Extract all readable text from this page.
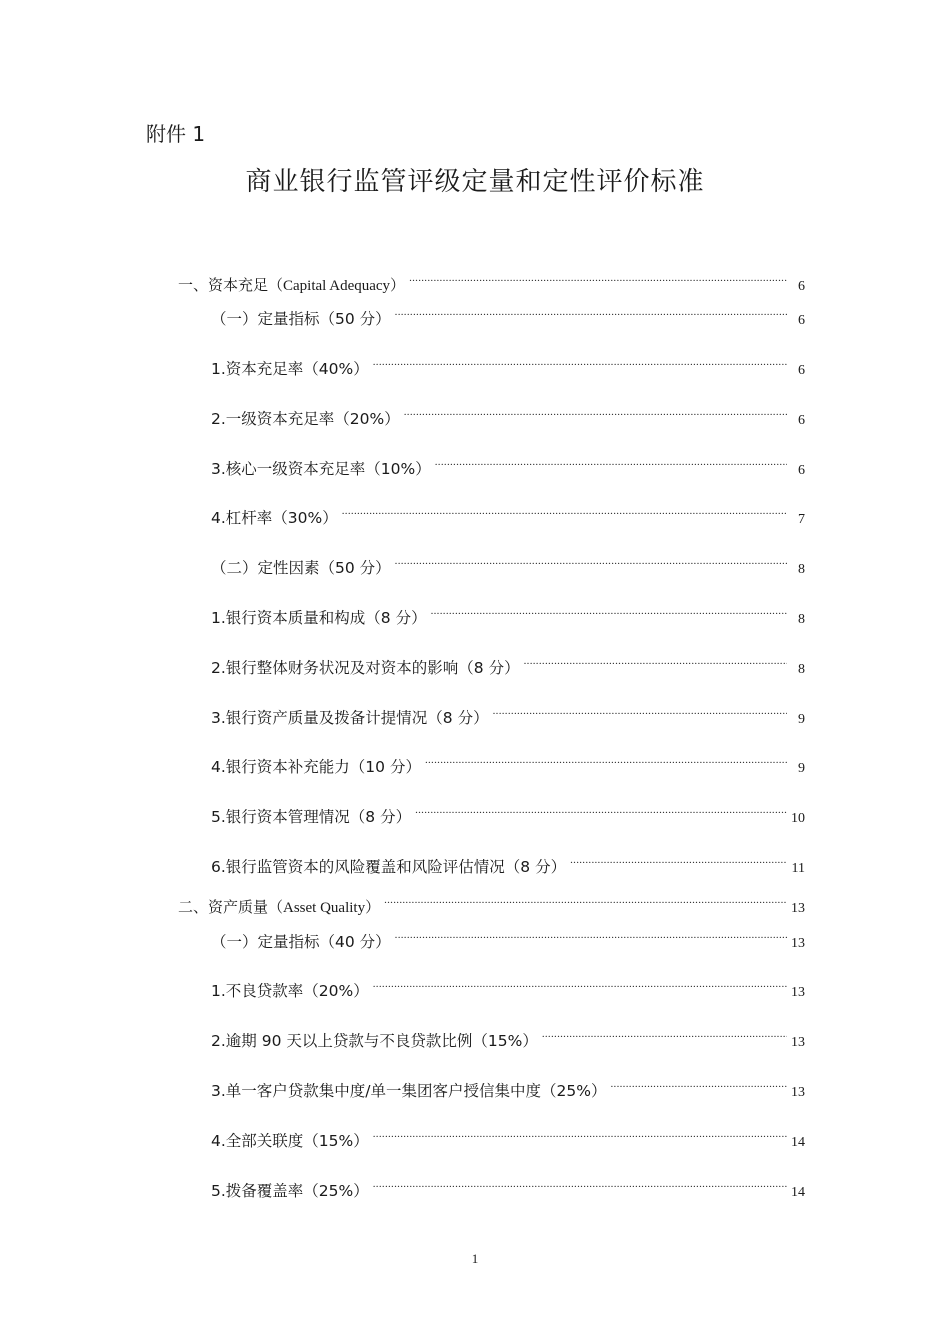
附件 1
商业银行监管评级定量和定性评价标准
一、资本充足（Capital Adequacy） .....	6
（一）定量指标（50 分） .....	6
1.资本充足率（40%） .....	6
2.一级资本充足率（20%） .....	6
3.核心一级资本充足率（10%） .....	6
4.杠杆率（30%） .....	7
（二）定性因素（50 分） .....	8
1.银行资本质量和构成（8 分） .....	8
2.银行整体财务状况及对资本的影响（8 分） .....	8
3.银行资产质量及拨备计提情况（8 分） .....	9
4.银行资本补充能力（10 分） .....	9
5.银行资本管理情况（8 分） .....	10
6.银行监管资本的风险覆盖和风险评估情况（8 分） .....	11
二、资产质量（Asset Quality） .....	13
（一）定量指标（40 分） .....	13
1.不良贷款率（20%） .....	13
2.逾期 90 天以上贷款与不良贷款比例（15%） .....	13
3.单一客户贷款集中度/单一集团客户授信集中度（25%） .....	13
4.全部关联度（15%） .....	14
5.拨备覆盖率（25%） .....	14
1
